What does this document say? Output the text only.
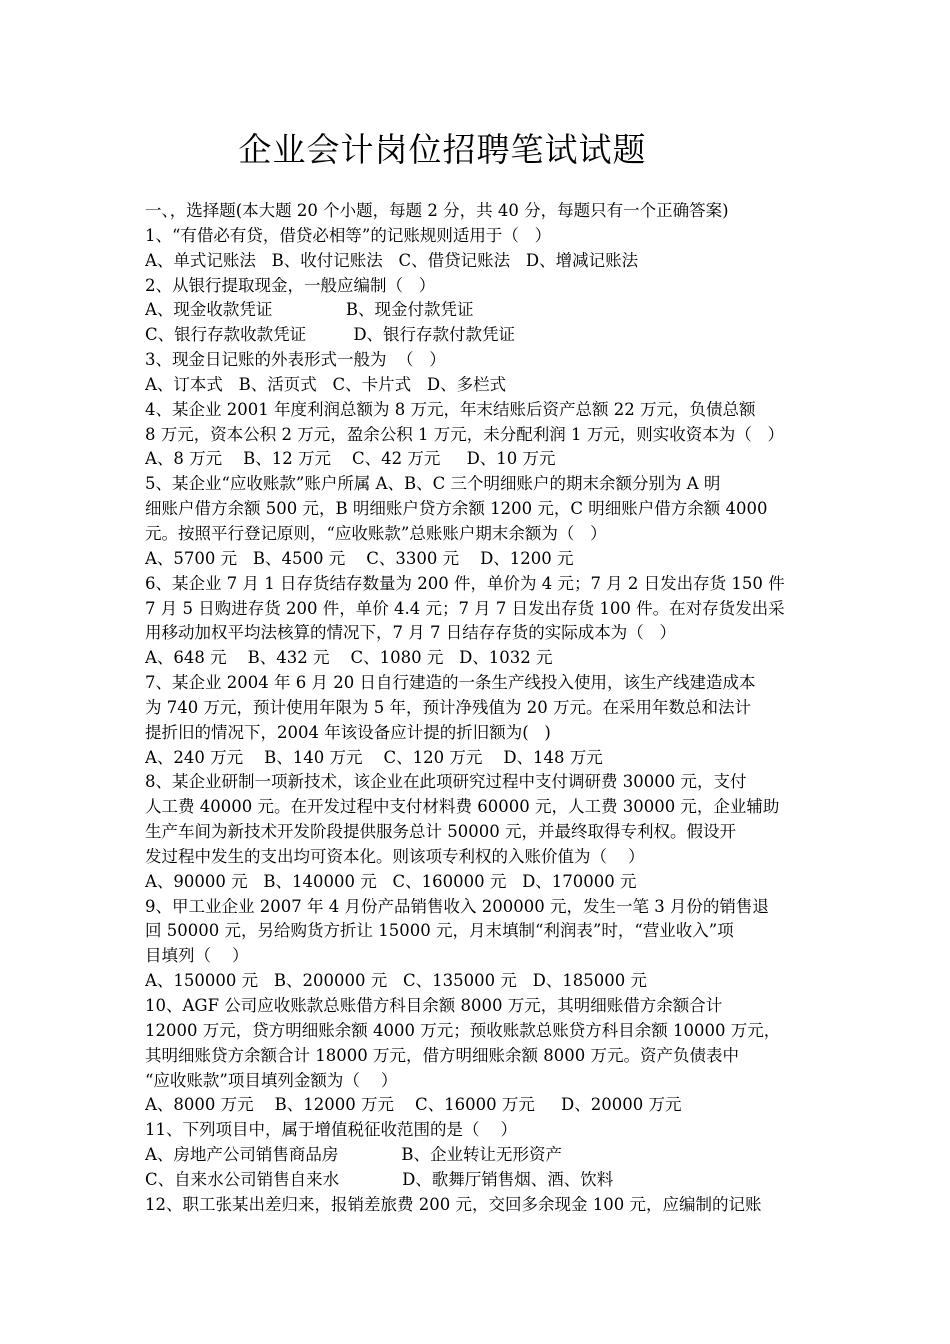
企业会计岗位招聘笔试试题
一、，选择题(本大题 20 个小题，每题 2 分，共 40 分，每题只有一个正确答案)
1、“有借必有贷，借贷必相等”的记账规则适用于（   ）
A、单式记账法   B、收付记账法   C、借贷记账法   D、增减记账法
2、从银行提取现金，一般应编制（   ）
A、现金收款凭证              B、现金付款凭证
C、银行存款收款凭证         D、银行存款付款凭证
3、现金日记账的外表形式一般为  （   ）
A、订本式   B、活页式   C、卡片式   D、多栏式
4、某企业 2001 年度利润总额为 8 万元，年末结账后资产总额 22 万元，负债总额
8 万元，资本公积 2 万元，盈余公积 1 万元，未分配利润 1 万元，则实收资本为（   ）
A、8 万元    B、12 万元    C、42 万元     D、10 万元
5、某企业“应收账款”账户所属 A、B、C 三个明细账户的期末余额分别为 A 明
细账户借方余额 500 元，B 明细账户贷方余额 1200 元，C 明细账户借方余额 4000
元。按照平行登记原则，“应收账款”总账账户期末余额为（   ）
A、5700 元   B、4500 元    C、3300 元    D、1200 元
6、某企业 7 月 1 日存货结存数量为 200 件，单价为 4 元；7 月 2 日发出存货 150 件
7 月 5 日购进存货 200 件，单价 4.4 元；7 月 7 日发出存货 100 件。在对存货发出采
用移动加权平均法核算的情况下，7 月 7 日结存存货的实际成本为（   ）
A、648 元    B、432 元    C、1080 元   D、1032 元
7、某企业 2004 年 6 月 20 日自行建造的一条生产线投入使用，该生产线建造成本
为 740 万元，预计使用年限为 5 年，预计净残值为 20 万元。在采用年数总和法计
提折旧的情况下，2004 年该设备应计提的折旧额为(   )
A、240 万元    B、140 万元    C、120 万元    D、148 万元
8、某企业研制一项新技术，该企业在此项研究过程中支付调研费 30000 元，支付
人工费 40000 元。在开发过程中支付材料费 60000 元，人工费 30000 元，企业辅助
生产车间为新技术开发阶段提供服务总计 50000 元，并最终取得专利权。假设开
发过程中发生的支出均可资本化。则该项专利权的入账价值为（    ）
A、90000 元   B、140000 元   C、160000 元   D、170000 元
9、甲工业企业 2007 年 4 月份产品销售收入 200000 元，发生一笔 3 月份的销售退
回 50000 元，另给购货方折让 15000 元，月末填制“利润表”时，“营业收入”项
目填列（    ）
A、150000 元   B、200000 元   C、135000 元   D、185000 元
10、AGF 公司应收账款总账借方科目余额 8000 万元，其明细账借方余额合计
12000 万元，贷方明细账余额 4000 万元；预收账款总账贷方科目余额 10000 万元，
其明细账贷方余额合计 18000 万元，借方明细账余额 8000 万元。资产负债表中
“应收账款”项目填列金额为（    ）
A、8000 万元    B、12000 万元    C、16000 万元     D、20000 万元
11、下列项目中，属于增值税征收范围的是（    ）
A、房地产公司销售商品房            B、企业转让无形资产
C、自来水公司销售自来水            D、歌舞厅销售烟、酒、饮料
12、职工张某出差归来，报销差旅费 200 元，交回多余现金 100 元，应编制的记账
